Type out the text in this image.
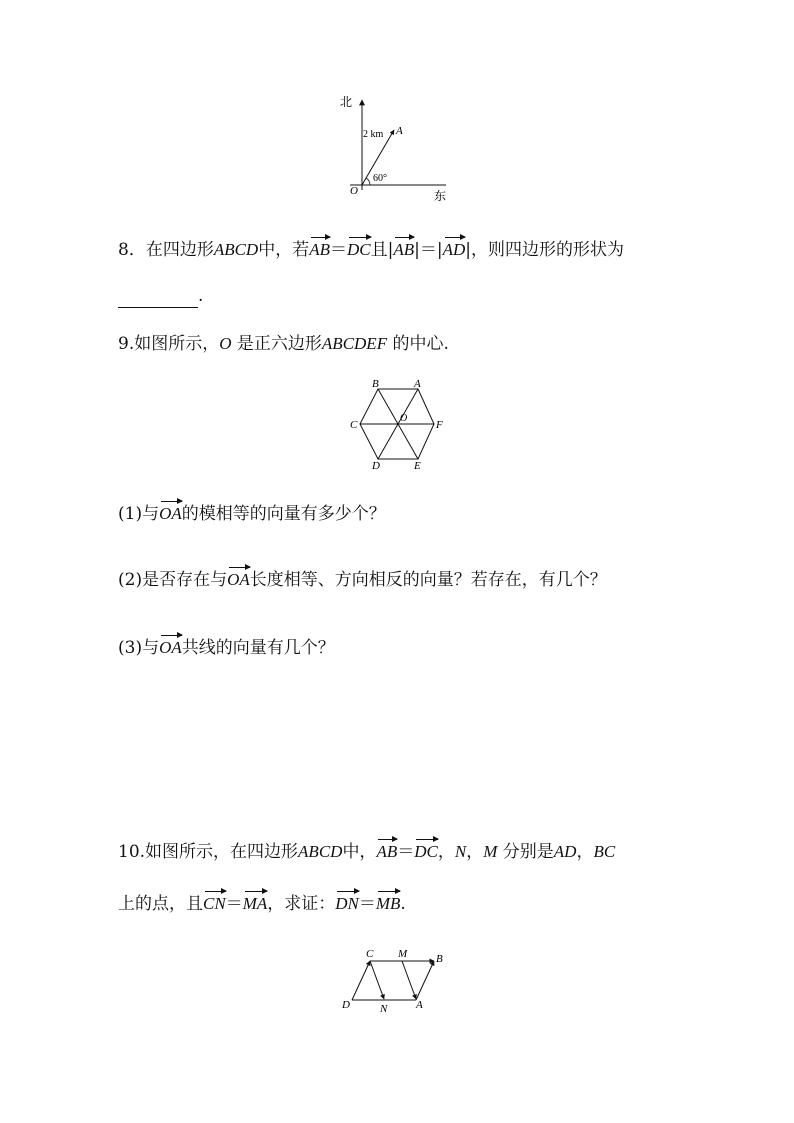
北
东
O
A
2 km
60°
8．在四边形ABCD中，若AB＝DC且|AB|＝|AD|，则四边形的形状为
.
9.如图所示，O 是正六边形ABCDEF 的中心.
B	A
C	F
O
D	E
(1)与OA的模相等的向量有多少个？
(2)是否存在与OA长度相等、方向相反的向量？若存在，有几个？
(3)与OA共线的向量有几个？
10.如图所示，在四边形ABCD中，AB＝DC，N，M 分别是AD，BC
上的点，且CN＝MA，求证：DN＝MB.
C M	B
D	N	A
